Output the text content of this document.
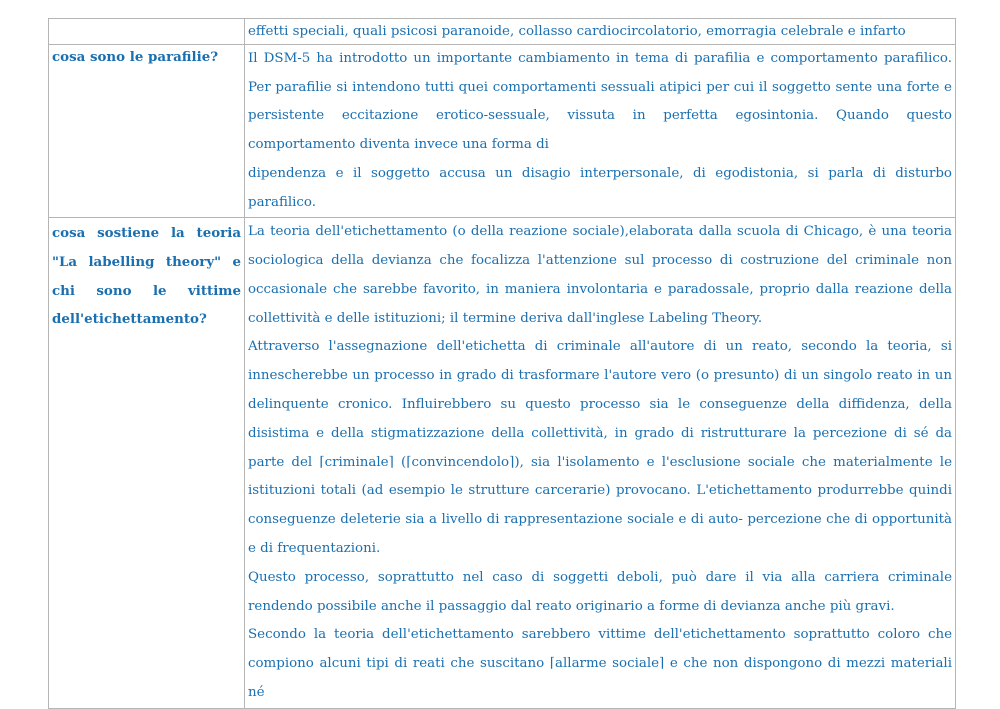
	effetti speciali, quali psicosi paranoide, collasso cardiocircolatorio, emorragia celebrale e infarto

cosa sono le parafilie?	Il DSM-5 ha introdotto un importante cambiamento in tema di parafilia e comportamento parafilico. Per parafilie si intendono tutti quei comportamenti sessuali atipici per cui il soggetto sente una forte e persistente eccitazione erotico-sessuale, vissuta in perfetta egosintonia. Quando questo comportamento diventa invece una forma di

dipendenza e il soggetto accusa un disagio interpersonale, di egodistonia, si parla di disturbo parafilico.

cosa sostiene la teoria "La labelling theory" e chi sono le vittime dell'etichettamento?	La teoria dell'etichettamento (o della reazione sociale),elaborata dalla scuola di Chicago, è una teoria sociologica della devianza che focalizza l'attenzione sul processo di costruzione del criminale non occasionale che sarebbe favorito, in maniera involontaria e paradossale, proprio dalla reazione della collettività e delle istituzioni; il termine deriva dall'inglese Labeling Theory.

Attraverso l'assegnazione dell'etichetta di criminale all'autore di un reato, secondo la teoria, si innescherebbe un processo in grado di trasformare l'autore vero (o presunto) di un singolo reato in un delinquente cronico. Influirebbero su questo processo sia le conseguenze della diffidenza, della disistima e della stigmatizzazione della collettività, in grado di ristrutturare la percezione di sé da parte del ⌈criminale⌉ (⌈convincendolo⌉), sia l'isolamento e l'esclusione sociale che materialmente le istituzioni totali (ad esempio le strutture carcerarie) provocano. L'etichettamento produrrebbe quindi conseguenze deleterie sia a livello di rappresentazione sociale e di auto- percezione che di opportunità e di frequentazioni.

Questo processo, soprattutto nel caso di soggetti deboli, può dare il via alla carriera criminale rendendo possibile anche il passaggio dal reato originario a forme di devianza anche più gravi.

Secondo la teoria dell'etichettamento sarebbero vittime dell'etichettamento soprattutto coloro che compiono alcuni tipi di reati che suscitano ⌈allarme sociale⌉ e che non dispongono di mezzi materiali né
